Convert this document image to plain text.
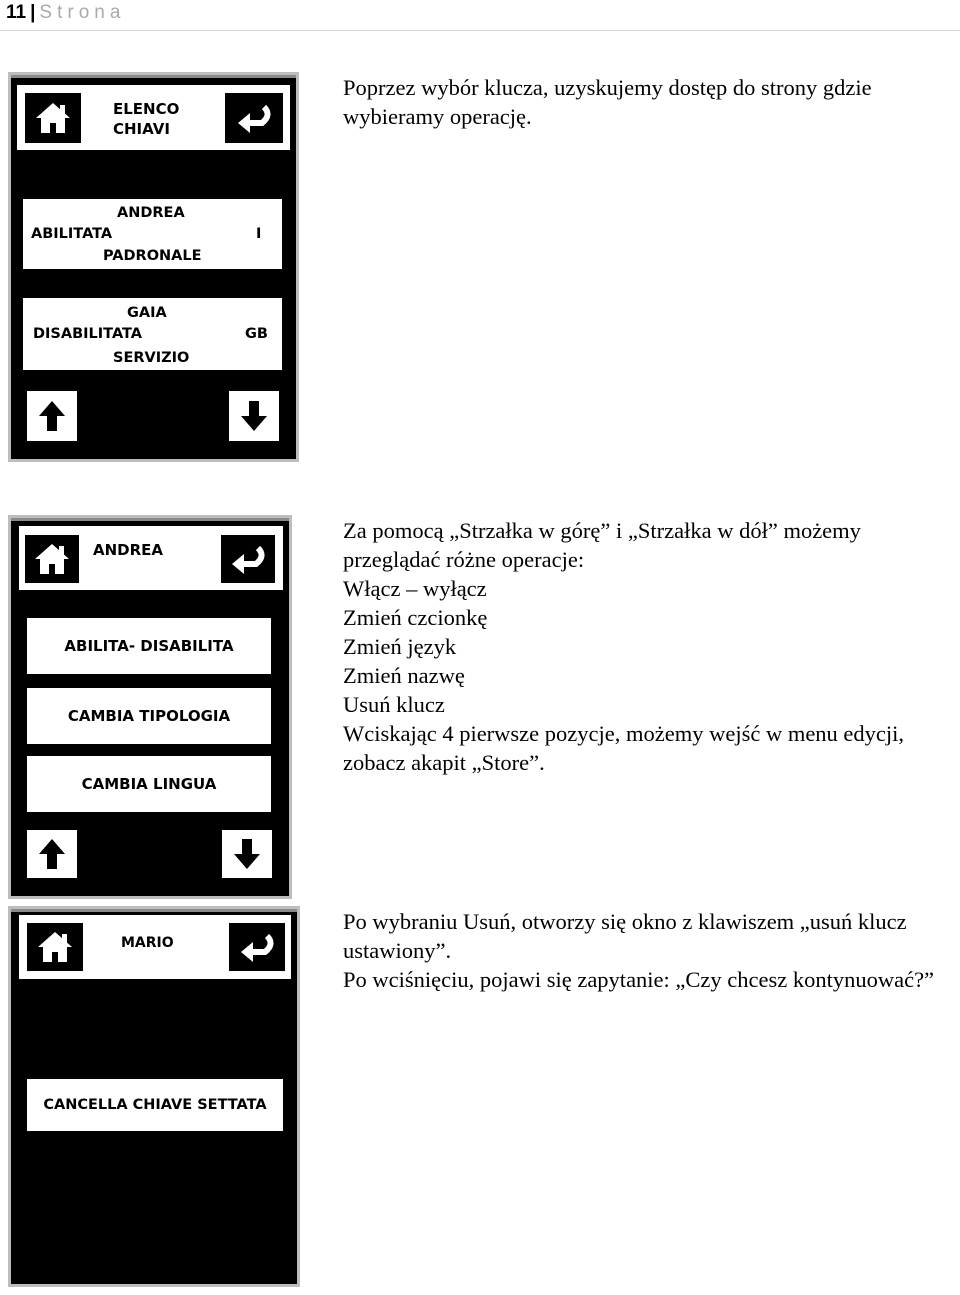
11 | Strona
ELENCO
CHIAVI
ANDREA
ABILITATA	I
PADRONALE
GAIA
DISABILITATA	GB
SERVIZIO

Poprzez wybór klucza, uzyskujemy dostęp do strony gdzie wybieramy operację.

ANDREA
ABILITA- DISABILITA
CAMBIA TIPOLOGIA
CAMBIA LINGUA

Za pomocą „Strzałka w górę” i „Strzałka w dół” możemy przeglądać różne operacje:

Włącz – wyłącz

Zmień czcionkę

Zmień język

Zmień nazwę

Usuń klucz

Wciskając 4 pierwsze pozycje, możemy wejść w menu edycji, zobacz akapit „Store”.

MARIO
CANCELLA CHIAVE SETTATA

Po wybraniu Usuń, otworzy się okno z klawiszem „usuń klucz ustawiony”.

Po wciśnięciu, pojawi się zapytanie: „Czy chcesz kontynuować?”
